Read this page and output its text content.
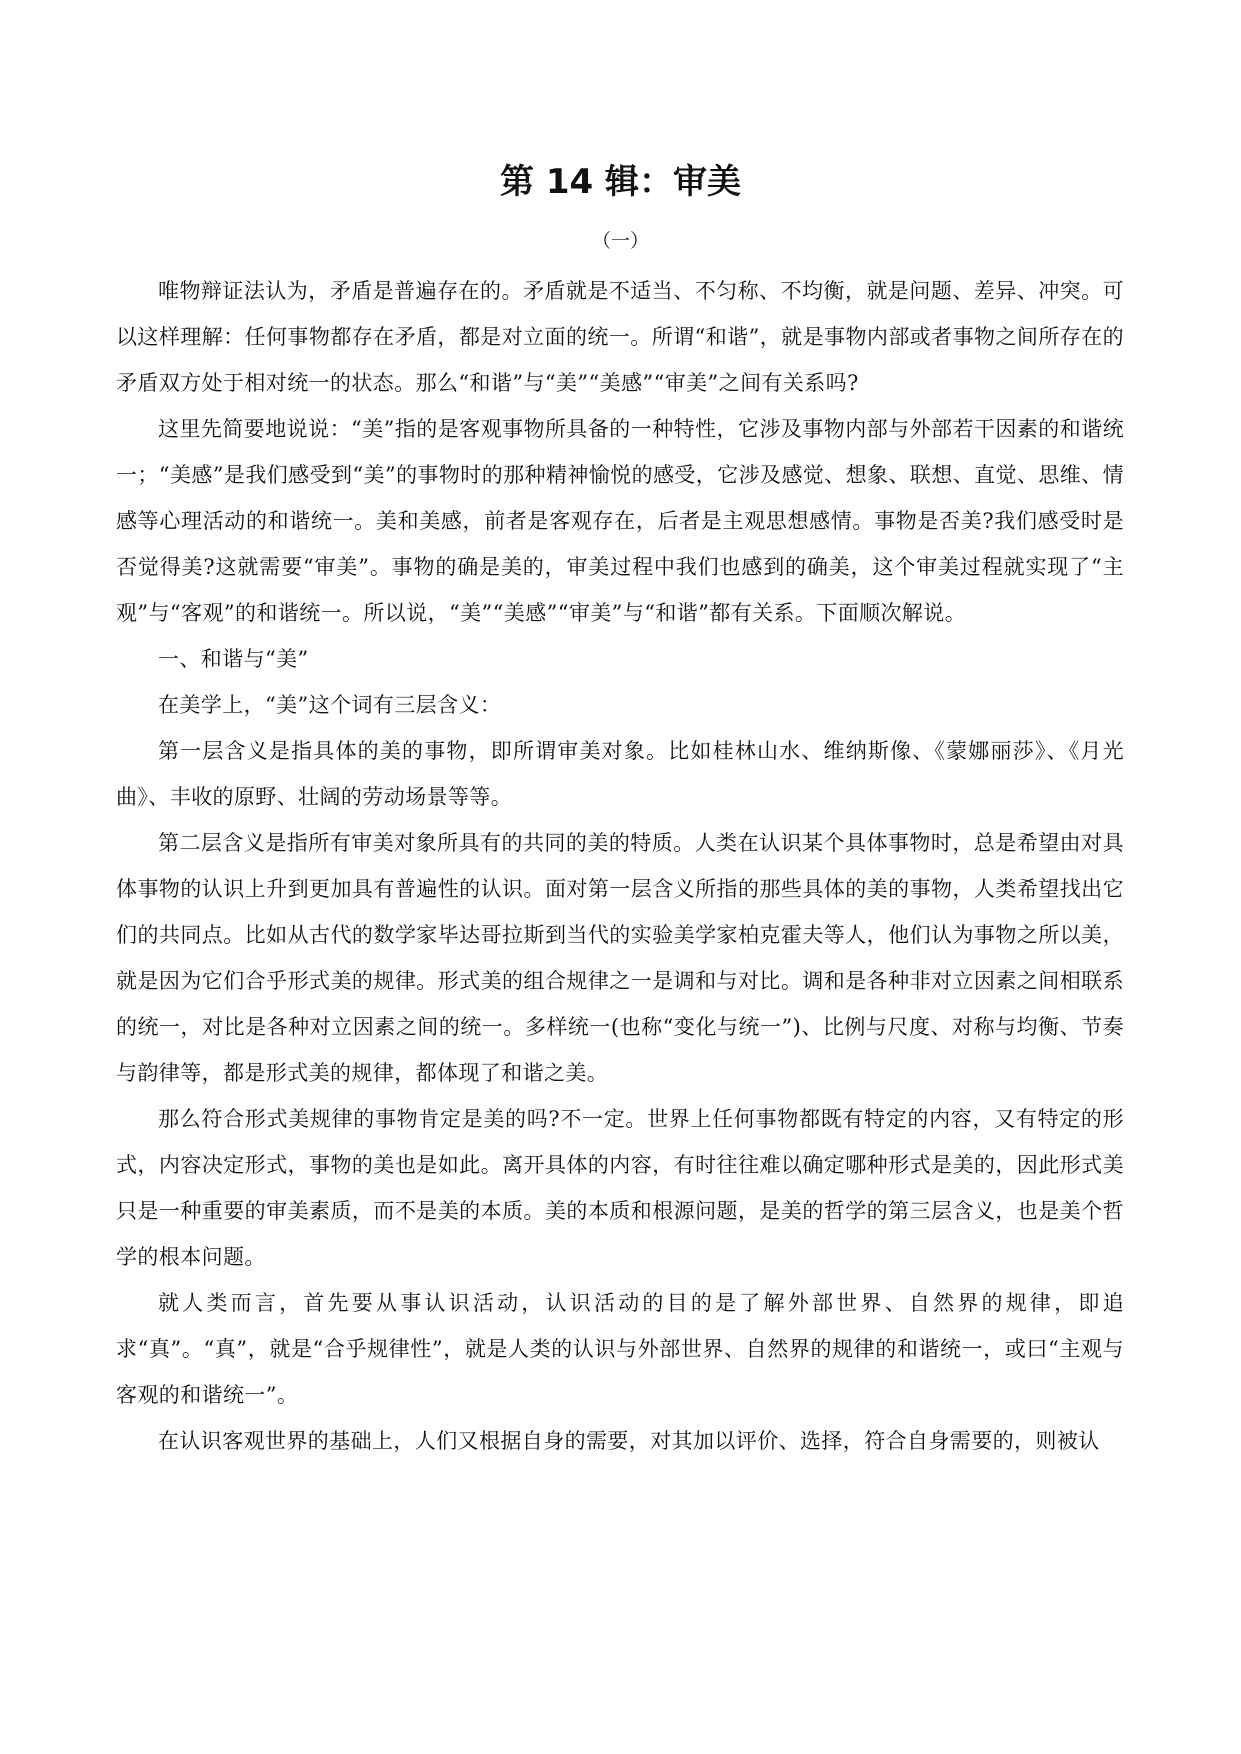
第 14 辑：审美
（一）

唯物辩证法认为，矛盾是普遍存在的。矛盾就是不适当、不匀称、不均衡，就是问题、差异、冲突。可以这样理解：任何事物都存在矛盾，都是对立面的统一。所谓“和谐”，就是事物内部或者事物之间所存在的矛盾双方处于相对统一的状态。那么“和谐”与“美”“美感”“审美”之间有关系吗?

这里先简要地说说：“美”指的是客观事物所具备的一种特性，它涉及事物内部与外部若干因素的和谐统一；“美感”是我们感受到“美”的事物时的那种精神愉悦的感受，它涉及感觉、想象、联想、直觉、思维、情感等心理活动的和谐统一。美和美感，前者是客观存在，后者是主观思想感情。事物是否美?我们感受时是否觉得美?这就需要“审美”。事物的确是美的，审美过程中我们也感到的确美，这个审美过程就实现了“主观”与“客观”的和谐统一。所以说，“美”“美感”“审美”与“和谐”都有关系。下面顺次解说。

一、和谐与“美”

在美学上，“美”这个词有三层含义：

第一层含义是指具体的美的事物，即所谓审美对象。比如桂林山水、维纳斯像、《蒙娜丽莎》、《月光曲》、丰收的原野、壮阔的劳动场景等等。

第二层含义是指所有审美对象所具有的共同的美的特质。人类在认识某个具体事物时，总是希望由对具体事物的认识上升到更加具有普遍性的认识。面对第一层含义所指的那些具体的美的事物，人类希望找出它们的共同点。比如从古代的数学家毕达哥拉斯到当代的实验美学家柏克霍夫等人，他们认为事物之所以美，就是因为它们合乎形式美的规律。形式美的组合规律之一是调和与对比。调和是各种非对立因素之间相联系的统一，对比是各种对立因素之间的统一。多样统一(也称“变化与统一”)、比例与尺度、对称与均衡、节奏与韵律等，都是形式美的规律，都体现了和谐之美。

那么符合形式美规律的事物肯定是美的吗?不一定。世界上任何事物都既有特定的内容，又有特定的形式，内容决定形式，事物的美也是如此。离开具体的内容，有时往往难以确定哪种形式是美的，因此形式美只是一种重要的审美素质，而不是美的本质。美的本质和根源问题，是美的哲学的第三层含义，也是美个哲学的根本问题。

就人类而言，首先要从事认识活动，认识活动的目的是了解外部世界、自然界的规律，即追求“真”。“真”，就是“合乎规律性”，就是人类的认识与外部世界、自然界的规律的和谐统一，或曰“主观与客观的和谐统一”。

在认识客观世界的基础上，人们又根据自身的需要，对其加以评价、选择，符合自身需要的，则被认
